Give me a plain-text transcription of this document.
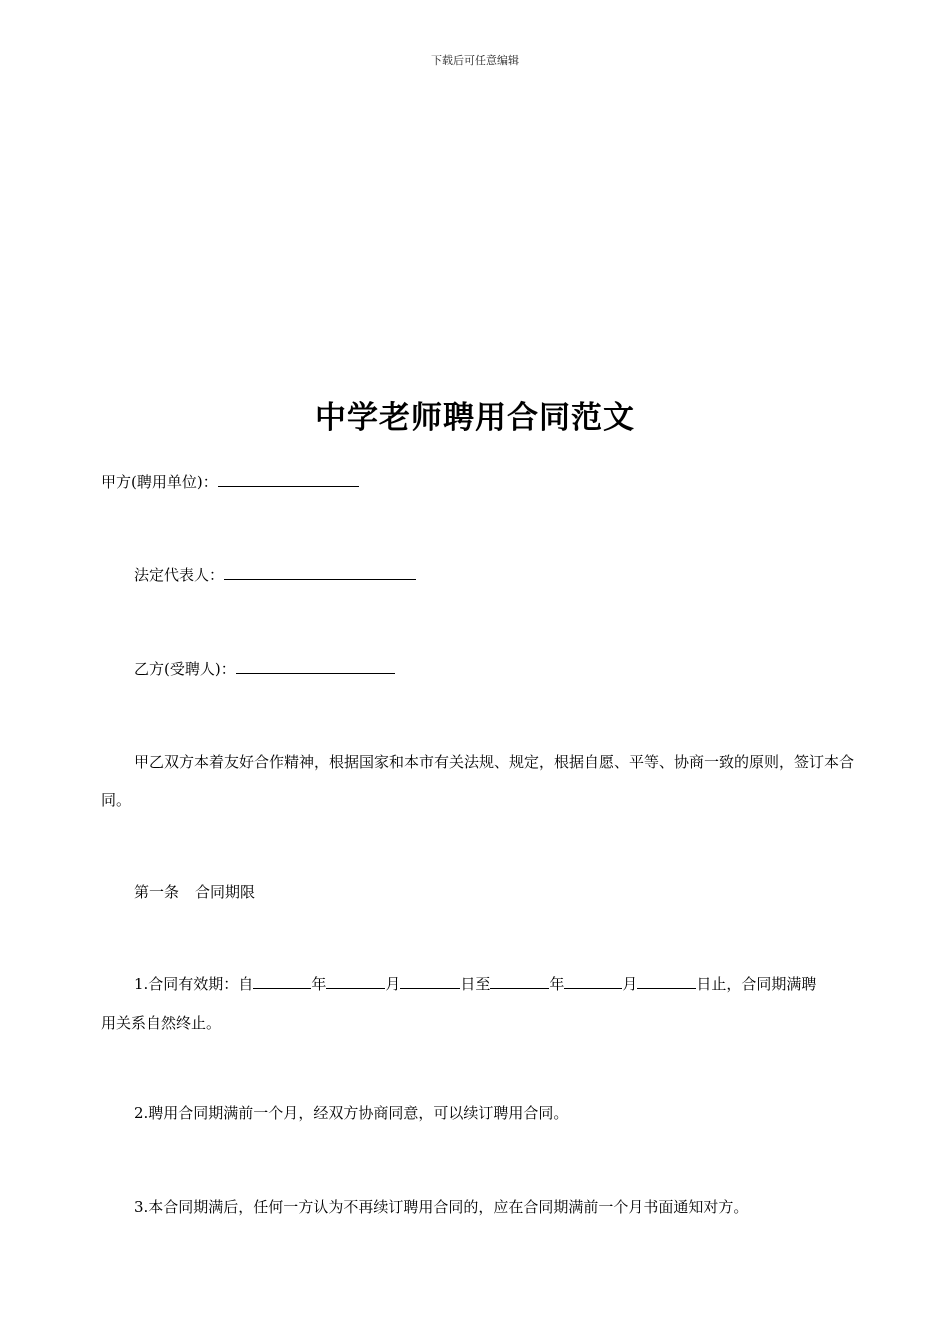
下载后可任意编辑
中学老师聘用合同范文
甲方(聘用单位)：
法定代表人：
乙方(受聘人)：
甲乙双方本着友好合作精神，根据国家和本市有关法规、规定，根据自愿、平等、协商一致的原则，签订本合同。
第一条 合同期限
1.合同有效期：自	年	月	日至	年	月	日止，合同期满聘
用关系自然终止。
2.聘用合同期满前一个月，经双方协商同意，可以续订聘用合同。
3.本合同期满后，任何一方认为不再续订聘用合同的，应在合同期满前一个月书面通知对方。
